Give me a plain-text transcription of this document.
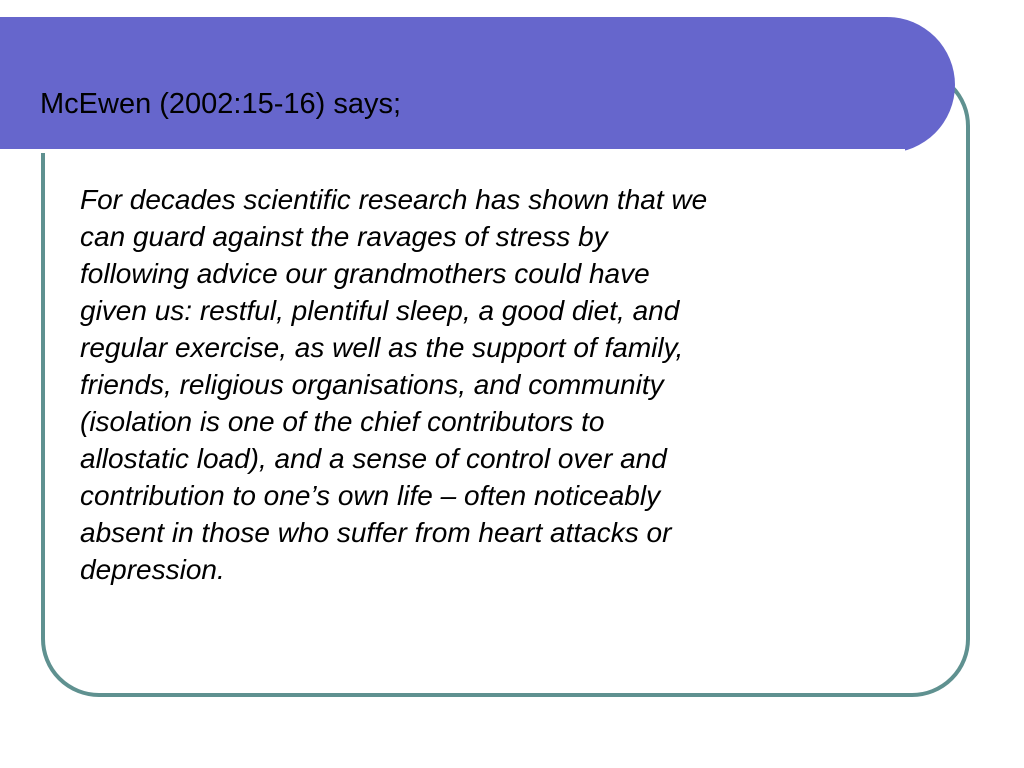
McEwen (2002:15-16) says;

For decades scientific research has shown that we
can guard against the ravages of stress by
following advice our grandmothers could have
given us: restful, plentiful sleep, a good diet, and
regular exercise, as well as the support of family,
friends, religious organisations, and community
(isolation is one of the chief contributors to
allostatic load), and a sense of control over and
contribution to one’s own life – often noticeably
absent in those who suffer from heart attacks or
depression.
